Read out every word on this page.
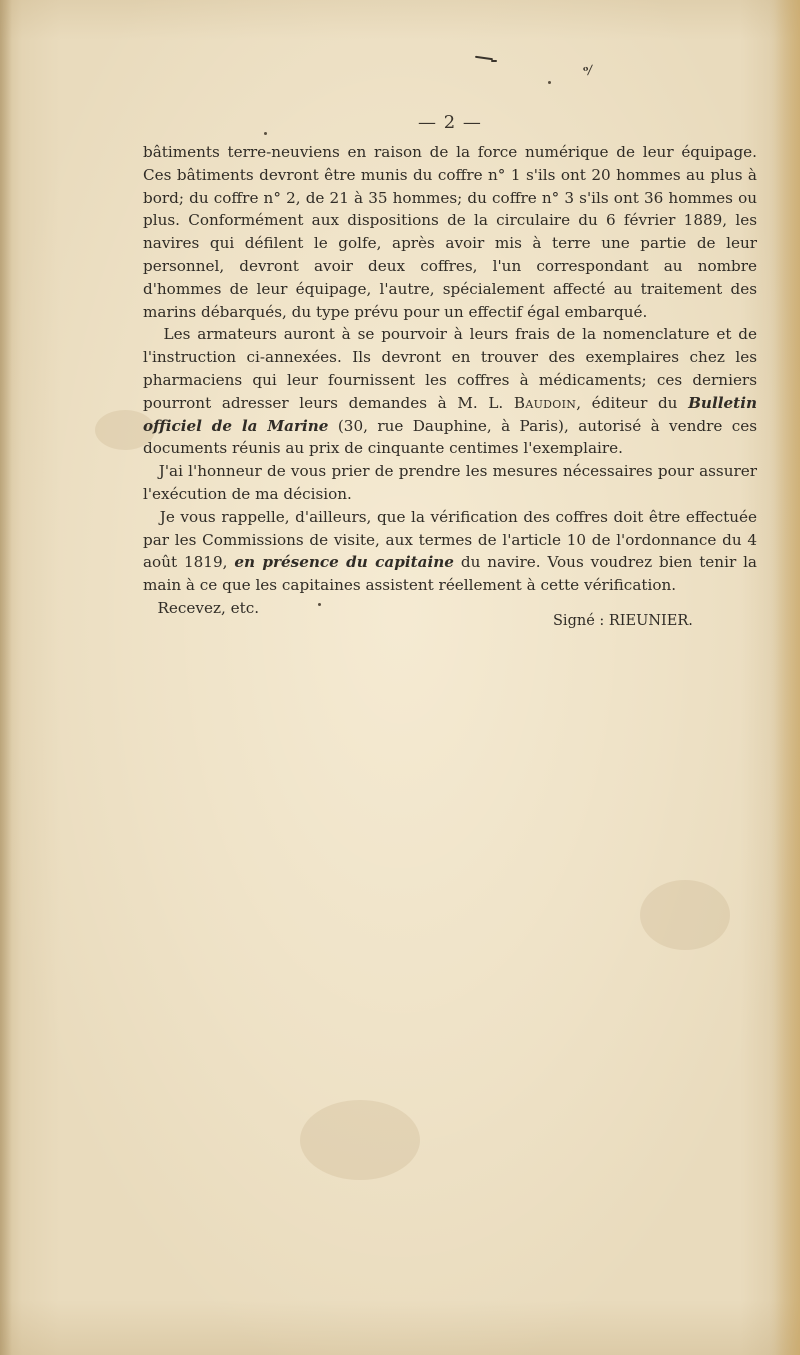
ᵒ⁄
— 2 —

bâtiments terre-neuviens en raison de la force numérique de leur équipage. Ces bâtiments devront être munis du coffre n° 1 s'ils ont 20 hommes au plus à bord; du coffre n° 2, de 21 à 35 hommes; du coffre n° 3 s'ils ont 36 hommes ou plus. Conformément aux dispositions de la circulaire du 6 février 1889, les navires qui défilent le golfe, après avoir mis à terre une partie de leur personnel, devront avoir deux coffres, l'un correspondant au nombre d'hommes de leur équipage, l'autre, spécialement affecté au traitement des marins débarqués, du type prévu pour un effectif égal embarqué.

Les armateurs auront à se pourvoir à leurs frais de la nomenclature et de l'instruction ci-annexées. Ils devront en trouver des exemplaires chez les pharmaciens qui leur fournissent les coffres à médicaments; ces derniers pourront adresser leurs demandes à M. L. Baudoin, éditeur du Bulletin officiel de la Marine (30, rue Dauphine, à Paris), autorisé à vendre ces documents réunis au prix de cinquante centimes l'exemplaire.

J'ai l'honneur de vous prier de prendre les mesures nécessaires pour assurer l'exécution de ma décision.

Je vous rappelle, d'ailleurs, que la vérification des coffres doit être effectuée par les Commissions de visite, aux termes de l'article 10 de l'ordonnance du 4 août 1819, en présence du capitaine du navire. Vous voudrez bien tenir la main à ce que les capitaines assistent réellement à cette vérification.

Recevez, etc.

Signé : RIEUNIER.
